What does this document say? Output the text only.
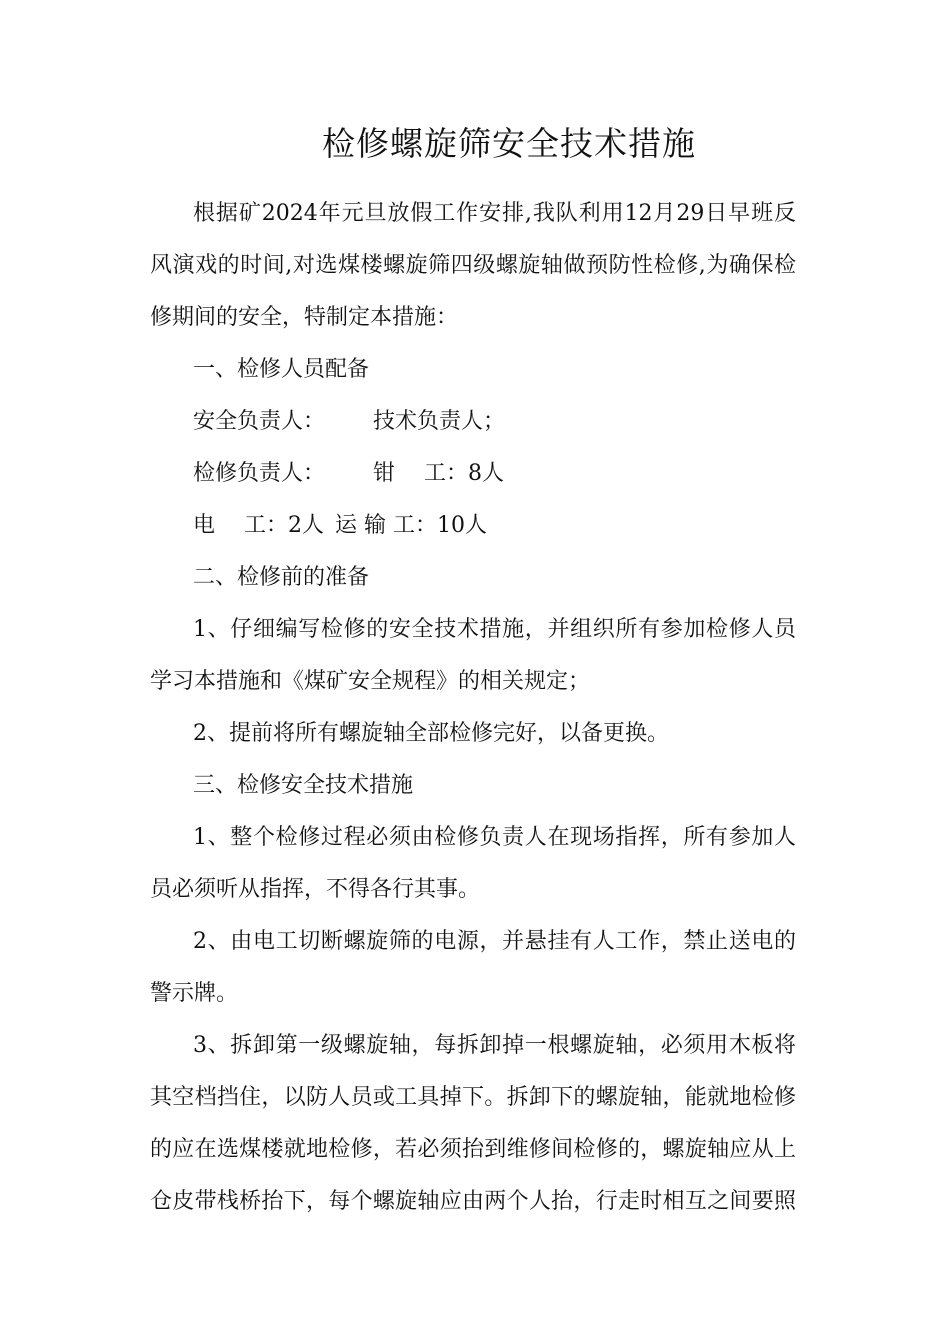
检修螺旋筛安全技术措施
根据矿2024年元旦放假工作安排,我队利用12月29日早班反
风演戏的时间,对选煤楼螺旋筛四级螺旋轴做预防性检修,为确保检
修期间的安全，特制定本措施：
一、检修人员配备
安全负责人： 技术负责人；
检修负责人： 钳　 工：8人
电　 工：2人 运 输 工：10人
二、检修前的准备
1、仔细编写检修的安全技术措施，并组织所有参加检修人员
学习本措施和《煤矿安全规程》的相关规定；
2、提前将所有螺旋轴全部检修完好，以备更换。
三、检修安全技术措施
1、整个检修过程必须由检修负责人在现场指挥，所有参加人
员必须听从指挥，不得各行其事。
2、由电工切断螺旋筛的电源，并悬挂有人工作，禁止送电的
警示牌。
3、拆卸第一级螺旋轴，每拆卸掉一根螺旋轴，必须用木板将
其空档挡住，以防人员或工具掉下。拆卸下的螺旋轴，能就地检修
的应在选煤楼就地检修，若必须抬到维修间检修的，螺旋轴应从上
仓皮带栈桥抬下，每个螺旋轴应由两个人抬，行走时相互之间要照
